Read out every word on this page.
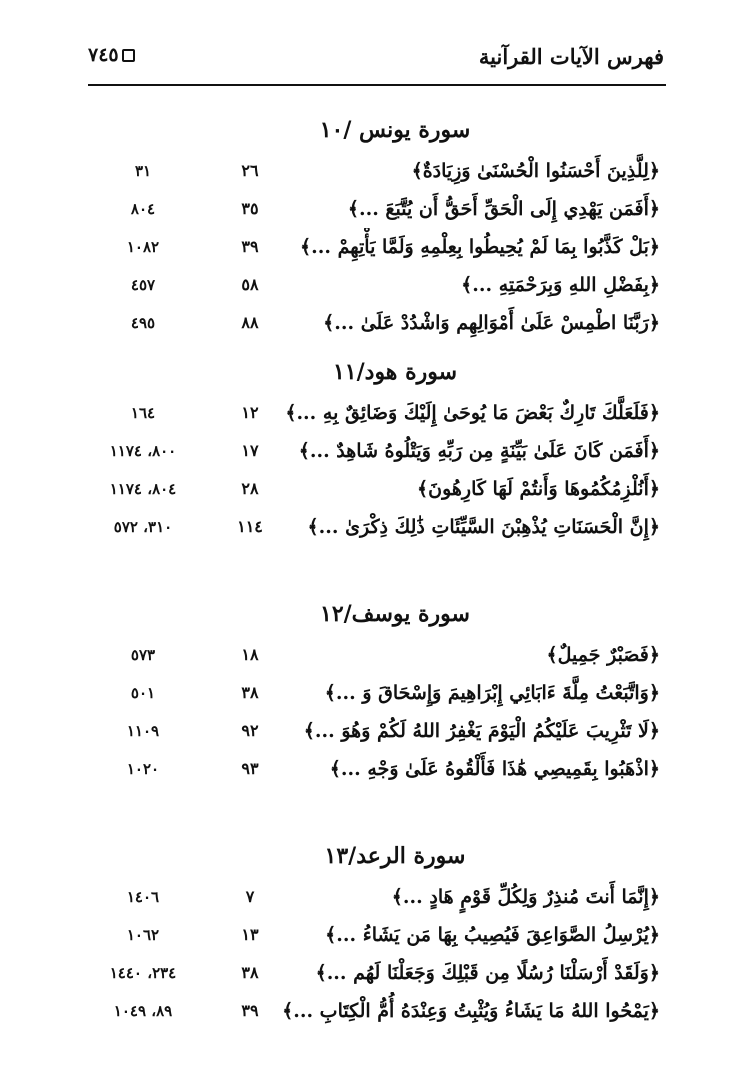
فهرس الآيات القرآنية
٧٤٥
سورة يونس /١٠
﴿لِلَّذِينَ أَحْسَنُوا الْحُسْنَىٰ وَزِيَادَةٌ﴾
٢٦
٣١
﴿أَفَمَن يَهْدِي إِلَى الْحَقِّ أَحَقُّ أَن يُتَّبَعَ ...﴾
٣٥
٨٠٤
﴿بَلْ كَذَّبُوا بِمَا لَمْ يُحِيطُوا بِعِلْمِهِ وَلَمَّا يَأْتِهِمْ ...﴾
٣٩
١٠٨٢
﴿بِفَضْلِ اللهِ وَبِرَحْمَتِهِ ...﴾
٥٨
٤٥٧
﴿رَبَّنَا اطْمِسْ عَلَىٰ أَمْوَالِهِم وَاشْدُدْ عَلَىٰ ...﴾
٨٨
٤٩٥
سورة هود/١١
﴿فَلَعَلَّكَ تَارِكٌ بَعْضَ مَا يُوحَىٰ إِلَيْكَ وَضَائِقٌ بِهِ ...﴾
١٢
١٦٤
﴿أَفَمَن كَانَ عَلَىٰ بَيِّنَةٍ مِن رَبِّهِ وَيَتْلُوهُ شَاهِدٌ ...﴾
١٧
٨٠٠، ١١٧٤
﴿أَنُلْزِمُكُمُوهَا وَأَنتُمْ لَهَا كَارِهُونَ﴾
٢٨
٨٠٤، ١١٧٤
﴿إِنَّ الْحَسَنَاتِ يُذْهِبْنَ السَّيِّئَاتِ ذَٰلِكَ ذِكْرَىٰ ...﴾
١١٤
٣١٠، ٥٧٢
سورة يوسف/١٢
﴿فَصَبْرٌ جَمِيلٌ﴾
١٨
٥٧٣
﴿وَاتَّبَعْتُ مِلَّةَ ءَابَائِي إِبْرَاهِيمَ وَإِسْحَاقَ وَ ...﴾
٣٨
٥٠١
﴿لَا تَثْرِيبَ عَلَيْكُمُ الْيَوْمَ يَغْفِرُ اللهُ لَكُمْ وَهُوَ ...﴾
٩٢
١١٠٩
﴿اذْهَبُوا بِقَمِيصِي هَٰذَا فَأَلْقُوهُ عَلَىٰ وَجْهِ ...﴾
٩٣
١٠٢٠
سورة الرعد/١٣
﴿إِنَّمَا أَنتَ مُنذِرٌ وَلِكُلِّ قَوْمٍ هَادٍ ...﴾
٧
١٤٠٦
﴿يُرْسِلُ الصَّوَاعِقَ فَيُصِيبُ بِهَا مَن يَشَاءُ ...﴾
١٣
١٠٦٢
﴿وَلَقَدْ أَرْسَلْنَا رُسُلًا مِن قَبْلِكَ وَجَعَلْنَا لَهُم ...﴾
٣٨
٢٣٤، ١٤٤٠
﴿يَمْحُوا اللهُ مَا يَشَاءُ وَيُثْبِتُ وَعِنْدَهُ أُمُّ الْكِتَابِ ...﴾
٣٩
٨٩، ١٠٤٩
